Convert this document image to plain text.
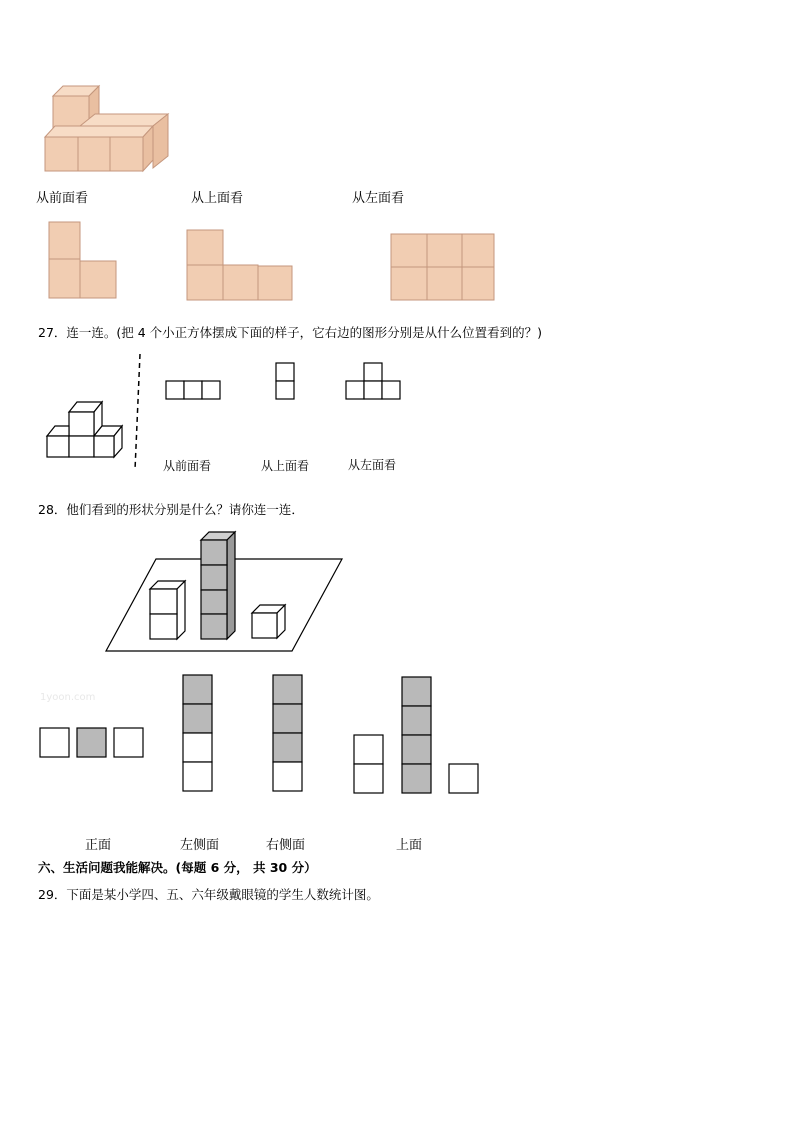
从前面看	从上面看	从左面看
27．连一连。(把 4 个小正方体摆成下面的样子，它右边的图形分别是从什么位置看到的？)
从前面看	从上面看	从左面看
28．他们看到的形状分别是什么？请你连一连．
1yoon.com
正面	左侧面	右侧面	上面
六、生活问题我能解决。(每题 6 分， 共 30 分）
29．下面是某小学四、五、六年级戴眼镜的学生人数统计图。
